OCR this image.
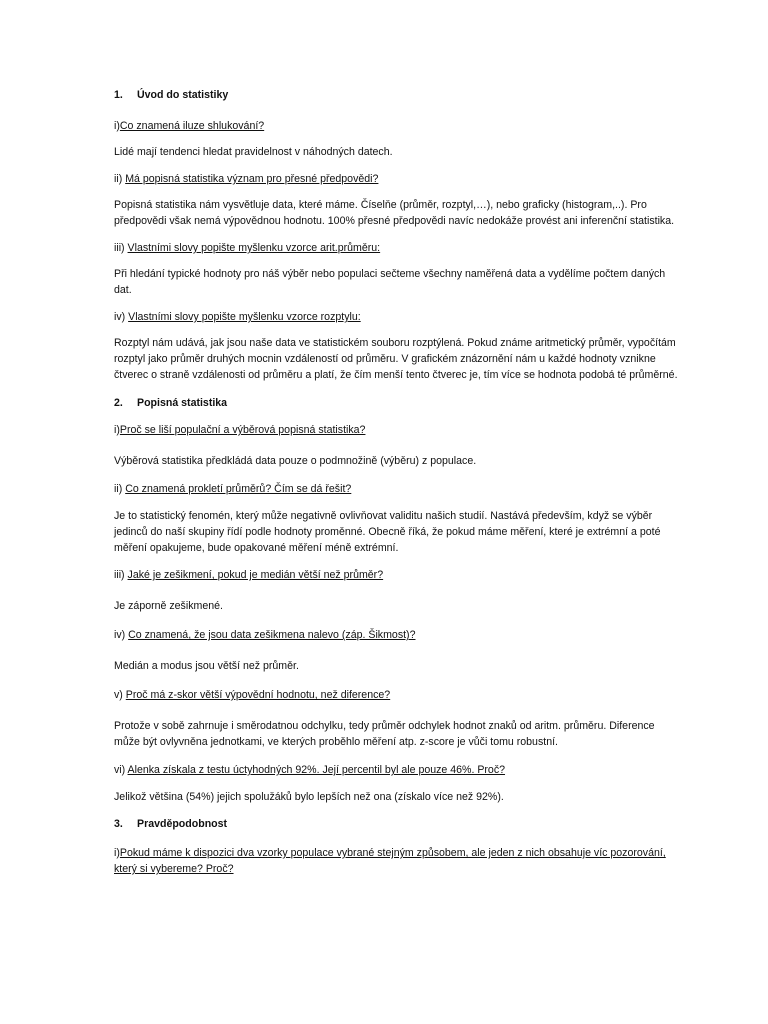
1.	Úvod do statistiky

i)Co znamená iluze shlukování?

Lidé mají tendenci hledat pravidelnost v náhodných datech.

ii) Má popisná statistika význam pro přesné předpovědi?

Popisná statistika nám vysvětluje data, které máme. Číselňe (průměr, rozptyl,…), nebo graficky (histogram,..). Pro předpovědi však nemá výpovědnou hodnotu. 100% přesné předpovědi navíc nedokáže provést ani inferenční statistika.

iii) Vlastními slovy popište myšlenku vzorce arit.průměru:

Při hledání typické hodnoty pro náš výběr nebo populaci sečteme všechny naměřená data a vydělíme počtem daných dat.

iv) Vlastními slovy popište myšlenku vzorce rozptylu:

Rozptyl nám udává, jak jsou naše data ve statistickém souboru rozptýlená. Pokud známe aritmetický průměr, vypočítám rozptyl jako průměr druhých mocnin vzdáleností od průměru. V grafickém znázornění nám u každé hodnoty vznikne čtverec o straně vzdálenosti od průměru a platí, že čím menší tento čtverec je, tím více se hodnota podobá té průměrné.

2.	Popisná statistika

i)Proč se liší populační a výběrová popisná statistika?

Výběrová statistika předkládá data pouze o podmnožině (výběru) z populace.

ii) Co znamená prokletí průměrů? Čím se dá řešit?

Je to statistický fenomén, který může negativně ovlivňovat validitu našich studií. Nastává především, když se výběr jedinců do naší skupiny řídí podle hodnoty proměnné. Obecně říká, že pokud máme měření, které je extrémní a poté měření opakujeme, bude opakované měření méně extrémní.

iii) Jaké je zešikmení, pokud je medián větší než průměr?

Je záporně zešikmené.

iv) Co znamená, že jsou data zešikmena nalevo (záp. Šikmost)?

Medián a modus jsou větší než průměr.

v) Proč má z-skor větší výpovědní hodnotu, než diference?

Protože v sobě zahrnuje i směrodatnou odchylku, tedy průměr odchylek hodnot znaků od aritm. průměru. Diference může být ovlyvněna jednotkami, ve kterých proběhlo měření atp. z-score je vůči tomu robustní.

vi) Alenka získala z testu úctyhodných 92%. Její percentil byl ale pouze 46%. Proč?

Jelikož většina (54%) jejich spolužáků bylo lepších než ona (získalo více než 92%).

3.	Pravděpodobnost

i)Pokud máme k dispozici dva vzorky populace vybrané stejným způsobem, ale jeden z nich obsahuje víc pozorování, který si vybereme? Proč?
